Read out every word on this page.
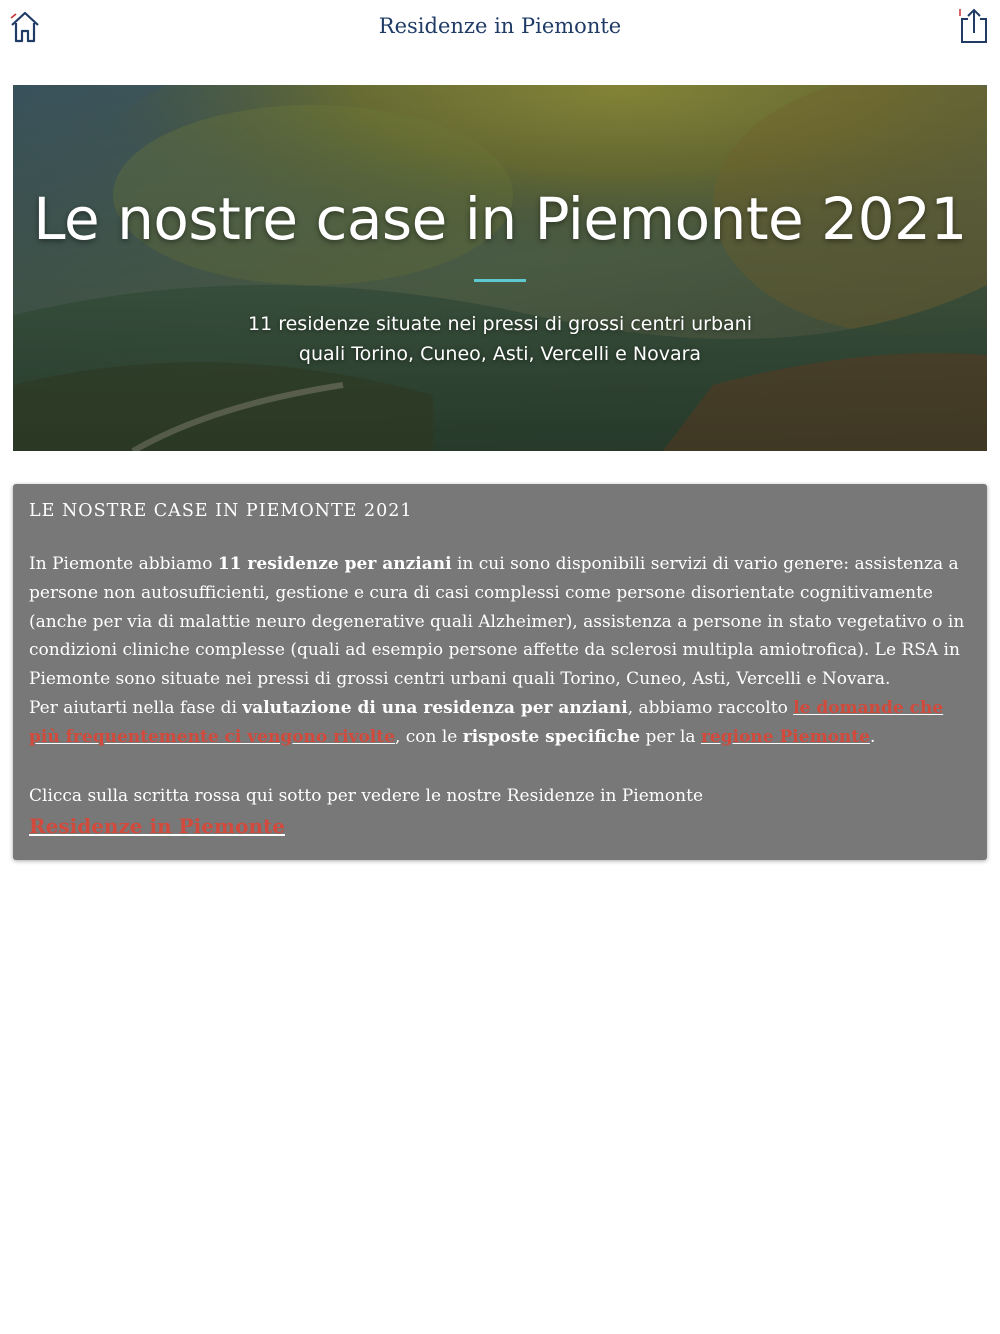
Residenze in Piemonte
Le nostre case in Piemonte 2021
11 residenze situate nei pressi di grossi centri urbani
quali Torino, Cuneo, Asti, Vercelli e Novara
LE NOSTRE CASE IN PIEMONTE 2021

In Piemonte abbiamo 11 residenze per anziani in cui sono disponibili servizi di vario genere: assistenza a persone non autosufficienti, gestione e cura di casi complessi come persone disorientate cognitivamente (anche per via di malattie neuro degenerative quali Alzheimer), assistenza a persone in stato vegetativo o in condizioni cliniche complesse (quali ad esempio persone affette da sclerosi multipla amiotrofica). Le RSA in Piemonte sono situate nei pressi di grossi centri urbani quali Torino, Cuneo, Asti, Vercelli e Novara.

Per aiutarti nella fase di valutazione di una residenza per anziani, abbiamo raccolto le domande che più frequentemente ci vengono rivolte, con le risposte specifiche per la regione Piemonte.

Clicca sulla scritta rossa qui sotto per vedere le nostre Residenze in Piemonte

Residenze in Piemonte
